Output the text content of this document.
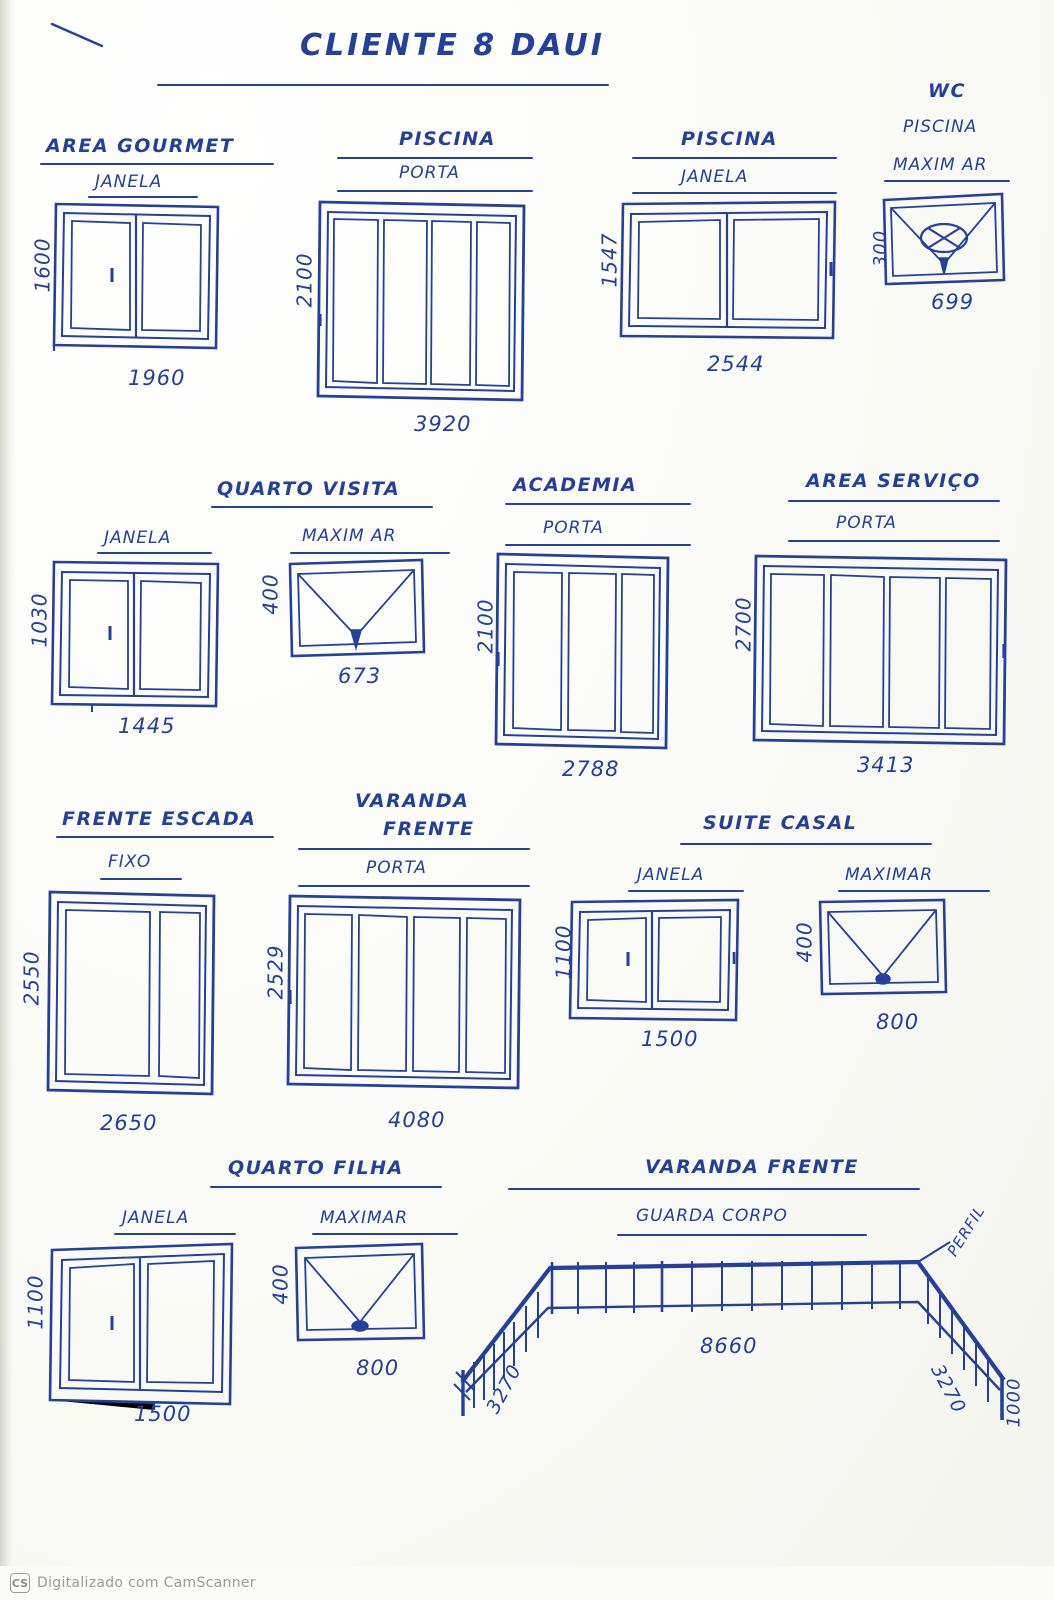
CLIENTE 8 DAUI
AREA GOURMET
JANELA
1600
1960
PISCINA
PORTA
2100
3920
PISCINA
JANELA
1547
2544
WC
PISCINA
MAXIM AR
300
699
JANELA
1030
1445
QUARTO VISITA
MAXIM AR
400
673
ACADEMIA
PORTA
2100
2788
AREA SERVIÇO
PORTA
2700
3413
FRENTE ESCADA
FIXO
2550
2650
VARANDA
FRENTE
PORTA
2529
4080
SUITE CASAL
JANELA	MAXIMAR
1100
1500
400
800
QUARTO FILHA
JANELA	MAXIMAR
1100
1500
400
800
VARANDA FRENTE
GUARDA CORPO
8660
3270	3270 1000
PERFIL
CS Digitalizado com CamScanner
